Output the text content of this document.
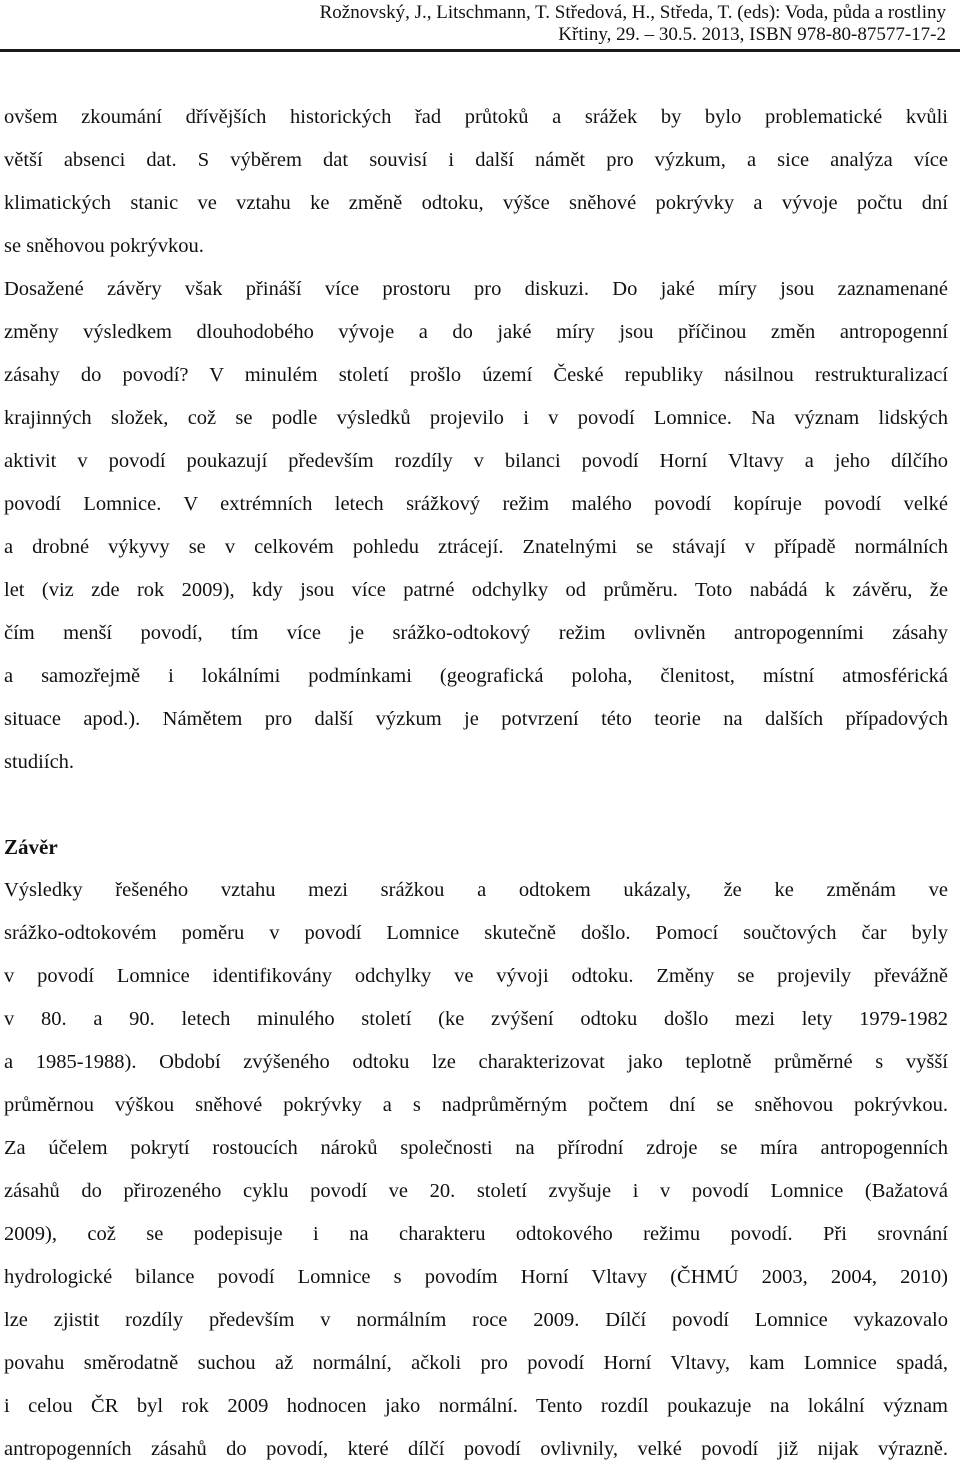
Rožnovský, J., Litschmann, T. Středová, H., Středa, T. (eds): Voda, půda a rostliny
Křtiny, 29. – 30.5. 2013, ISBN 978-80-87577-17-2
ovšem zkoumání dřívějších historických řad průtoků a srážek by bylo problematické kvůli
větší absenci dat. S výběrem dat souvisí i další námět pro výzkum, a sice analýza více
klimatických stanic ve vztahu ke změně odtoku, výšce sněhové pokrývky a vývoje počtu dní
se sněhovou pokrývkou.
Dosažené závěry však přináší více prostoru pro diskuzi. Do jaké míry jsou zaznamenané
změny výsledkem dlouhodobého vývoje a do jaké míry jsou příčinou změn antropogenní
zásahy do povodí? V minulém století prošlo území České republiky násilnou restrukturalizací
krajinných složek, což se podle výsledků projevilo i v povodí Lomnice. Na význam lidských
aktivit v povodí poukazují především rozdíly v bilanci povodí Horní Vltavy a jeho dílčího
povodí Lomnice. V extrémních letech srážkový režim malého povodí kopíruje povodí velké
a drobné výkyvy se v celkovém pohledu ztrácejí. Znatelnými se stávají v případě normálních
let (viz zde rok 2009), kdy jsou více patrné odchylky od průměru. Toto nabádá k závěru, že
čím menší povodí, tím více je srážko-odtokový režim ovlivněn antropogenními zásahy
a samozřejmě i lokálními podmínkami (geografická poloha, členitost, místní atmosférická
situace apod.). Námětem pro další výzkum je potvrzení této teorie na dalších případových
studiích.
Závěr
Výsledky řešeného vztahu mezi srážkou a odtokem ukázaly, že ke změnám ve
srážko-odtokovém poměru v povodí Lomnice skutečně došlo. Pomocí součtových čar byly
v povodí Lomnice identifikovány odchylky ve vývoji odtoku. Změny se projevily převážně
v 80. a 90. letech minulého století (ke zvýšení odtoku došlo mezi lety 1979-1982
a 1985-1988). Období zvýšeného odtoku lze charakterizovat jako teplotně průměrné s vyšší
průměrnou výškou sněhové pokrývky a s nadprůměrným počtem dní se sněhovou pokrývkou.
Za účelem pokrytí rostoucích nároků společnosti na přírodní zdroje se míra antropogenních
zásahů do přirozeného cyklu povodí ve 20. století zvyšuje i v povodí Lomnice (Bažatová
2009), což se podepisuje i na charakteru odtokového režimu povodí. Při srovnání
hydrologické bilance povodí Lomnice s povodím Horní Vltavy (ČHMÚ 2003, 2004, 2010)
lze zjistit rozdíly především v normálním roce 2009. Dílčí povodí Lomnice vykazovalo
povahu směrodatně suchou až normální, ačkoli pro povodí Horní Vltavy, kam Lomnice spadá,
i celou ČR byl rok 2009 hodnocen jako normální. Tento rozdíl poukazuje na lokální význam
antropogenních zásahů do povodí, které dílčí povodí ovlivnily, velké povodí již nijak výrazně.
